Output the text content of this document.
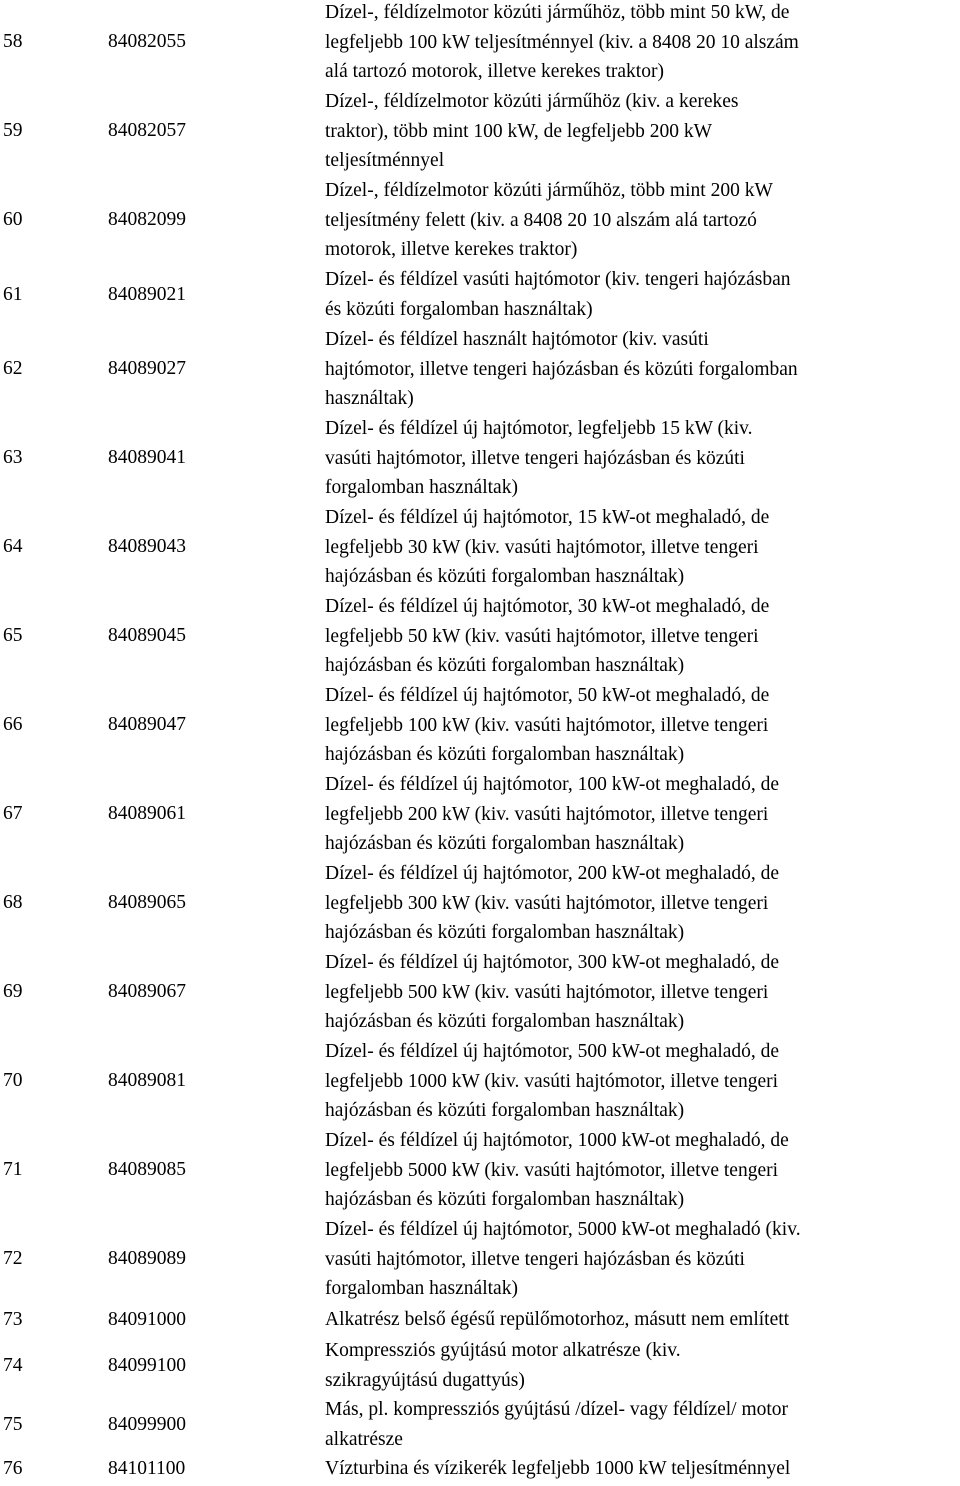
58	84082055
Dízel-, féldízelmotor közúti járműhöz, több mint 50 kW, de
legfeljebb 100 kW teljesítménnyel (kiv. a 8408 20 10 alszám
alá tartozó motorok, illetve kerekes traktor)
59	84082057
Dízel-, féldízelmotor közúti járműhöz (kiv. a kerekes
traktor), több mint 100 kW, de legfeljebb 200 kW
teljesítménnyel
60	84082099
Dízel-, féldízelmotor közúti járműhöz, több mint 200 kW
teljesítmény felett (kiv. a 8408 20 10 alszám alá tartozó
motorok, illetve kerekes traktor)
61	84089021
Dízel- és féldízel vasúti hajtómotor (kiv. tengeri hajózásban
és közúti forgalomban használtak)
62	84089027
Dízel- és féldízel használt hajtómotor (kiv. vasúti
hajtómotor, illetve tengeri hajózásban és közúti forgalomban
használtak)
63	84089041
Dízel- és féldízel új hajtómotor, legfeljebb 15 kW (kiv.
vasúti hajtómotor, illetve tengeri hajózásban és közúti
forgalomban használtak)
64	84089043
Dízel- és féldízel új hajtómotor, 15 kW-ot meghaladó, de
legfeljebb 30 kW (kiv. vasúti hajtómotor, illetve tengeri
hajózásban és közúti forgalomban használtak)
65	84089045
Dízel- és féldízel új hajtómotor, 30 kW-ot meghaladó, de
legfeljebb 50 kW (kiv. vasúti hajtómotor, illetve tengeri
hajózásban és közúti forgalomban használtak)
66	84089047
Dízel- és féldízel új hajtómotor, 50 kW-ot meghaladó, de
legfeljebb 100 kW (kiv. vasúti hajtómotor, illetve tengeri
hajózásban és közúti forgalomban használtak)
67	84089061
Dízel- és féldízel új hajtómotor, 100 kW-ot meghaladó, de
legfeljebb 200 kW (kiv. vasúti hajtómotor, illetve tengeri
hajózásban és közúti forgalomban használtak)
68	84089065
Dízel- és féldízel új hajtómotor, 200 kW-ot meghaladó, de
legfeljebb 300 kW (kiv. vasúti hajtómotor, illetve tengeri
hajózásban és közúti forgalomban használtak)
69	84089067
Dízel- és féldízel új hajtómotor, 300 kW-ot meghaladó, de
legfeljebb 500 kW (kiv. vasúti hajtómotor, illetve tengeri
hajózásban és közúti forgalomban használtak)
70	84089081
Dízel- és féldízel új hajtómotor, 500 kW-ot meghaladó, de
legfeljebb 1000 kW (kiv. vasúti hajtómotor, illetve tengeri
hajózásban és közúti forgalomban használtak)
71	84089085
Dízel- és féldízel új hajtómotor, 1000 kW-ot meghaladó, de
legfeljebb 5000 kW (kiv. vasúti hajtómotor, illetve tengeri
hajózásban és közúti forgalomban használtak)
72	84089089
Dízel- és féldízel új hajtómotor, 5000 kW-ot meghaladó (kiv.
vasúti hajtómotor, illetve tengeri hajózásban és közúti
forgalomban használtak)
73	84091000	Alkatrész belső égésű repülőmotorhoz, másutt nem említett
74	84099100
Kompressziós gyújtású motor alkatrésze (kiv.
szikragyújtású dugattyús)
75	84099900
Más, pl. kompressziós gyújtású /dízel- vagy féldízel/ motor
alkatrésze
76	84101100	Vízturbina és vízikerék legfeljebb 1000 kW teljesítménnyel
